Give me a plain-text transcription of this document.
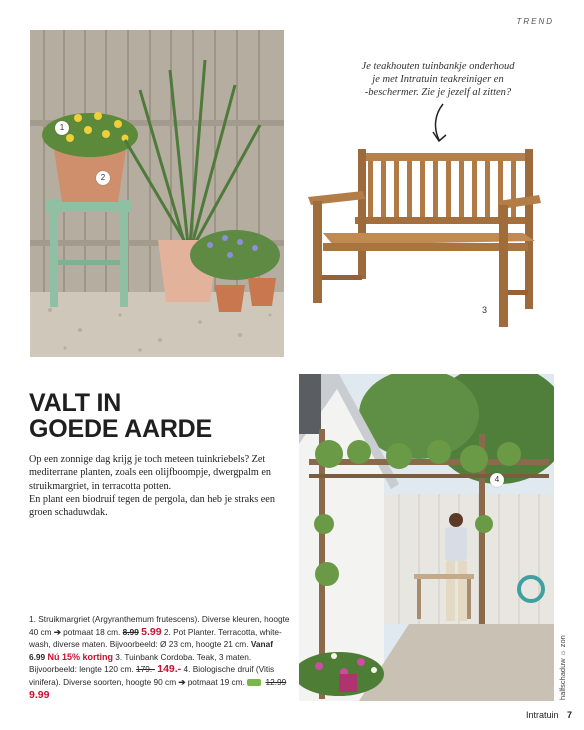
TREND
1
2
Je teakhouten tuinbankje onderhoud
je met Intratuin teakreiniger en
-beschermer. Zie je jezelf al zitten?
3
VALT IN
GOEDE AARDE

Op een zonnige dag krijg je toch meteen tuinkriebels? Zet mediterrane planten, zoals een olijfboompje, dwergpalm en struikmargriet, in terracotta potten.

En plant een biodruif tegen de pergola, dan heb je straks een groen schaduwdak.

1. Struikmargriet (Argyranthemum frutescens). Diverse kleuren, hoogte 40 cm ➔ potmaat 18 cm. 8.99 5.99 2. Pot Planter. Terracotta, white-wash, diverse maten. Bijvoorbeeld: Ø 23 cm, hoogte 21 cm. Vanaf 6.99 Nú 15% korting 3. Tuinbank Cordoba. Teak, 3 maten. Bijvoorbeeld: lengte 120 cm. 179.- 149.- 4. Biologische druif (Vitis vinifera). Diverse soorten, hoogte 90 cm ➔ potmaat 19 cm. 12.99 9.99
4
halfschaduw ☼ zon
Intratuin 7
